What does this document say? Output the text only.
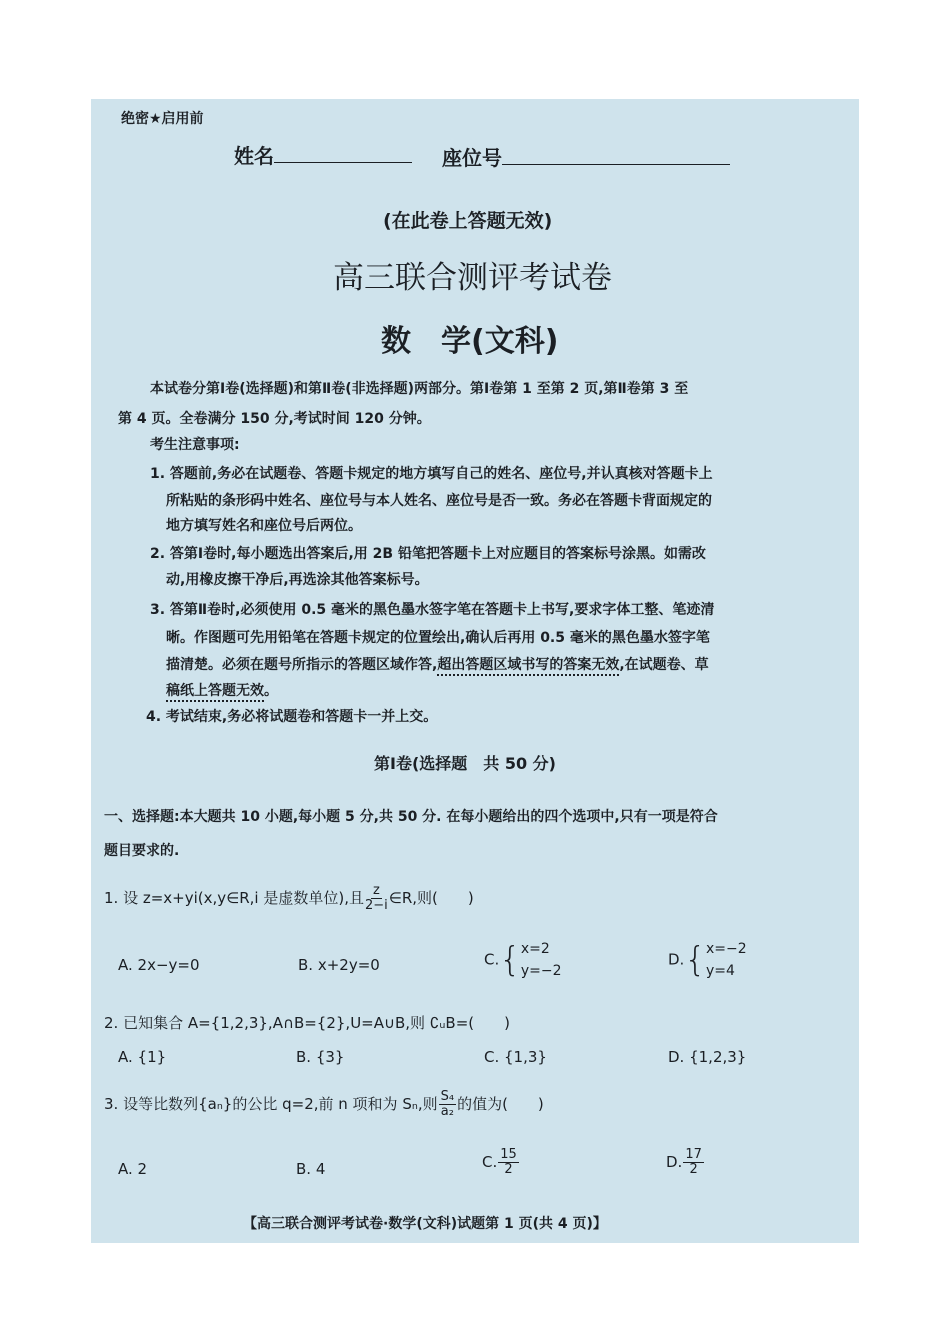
绝密★启用前
姓名	座位号
(在此卷上答题无效)
高三联合测评考试卷
数　学(文科)
本试卷分第Ⅰ卷(选择题)和第Ⅱ卷(非选择题)两部分。第Ⅰ卷第 1 至第 2 页,第Ⅱ卷第 3 至
第 4 页。全卷满分 150 分,考试时间 120 分钟。
考生注意事项:
1. 答题前,务必在试题卷、答题卡规定的地方填写自己的姓名、座位号,并认真核对答题卡上
所粘贴的条形码中姓名、座位号与本人姓名、座位号是否一致。务必在答题卡背面规定的
地方填写姓名和座位号后两位。
2. 答第Ⅰ卷时,每小题选出答案后,用 2B 铅笔把答题卡上对应题目的答案标号涂黑。如需改
动,用橡皮擦干净后,再选涂其他答案标号。
3. 答第Ⅱ卷时,必须使用 0.5 毫米的黑色墨水签字笔在答题卡上书写,要求字体工整、笔迹清
晰。作图题可先用铅笔在答题卡规定的位置绘出,确认后再用 0.5 毫米的黑色墨水签字笔
描清楚。必须在题号所指示的答题区域作答,超出答题区域书写的答案无效,在试题卷、草
稿纸上答题无效。
4. 考试结束,务必将试题卷和答题卡一并上交。
第Ⅰ卷(选择题　共 50 分)
一、选择题:本大题共 10 小题,每小题 5 分,共 50 分. 在每小题给出的四个选项中,只有一项是符合
题目要求的.
1. 设 z=x+yi(x,y∈R,i 是虚数单位),且 $\frac{z}{2-i}$ ∈R,则(　　)
A. 2x−y=0	B. x+2y=0	C.{ x=2
y=−2
D.{ x=−2
y=4
2. 已知集合 A={1,2,3},A∩B={2},U=A∪B,则 ∁ᵤB=(　　)
A. {1}	B. {3}	C. {1,3}	D. {1,2,3}
3. 设等比数列{aₙ}的公比 q=2,前 n 项和为 Sₙ,则 $\frac{\text{S₄}}{\text{a₂}}$ 的值为(　　)
A. 2	B. 4	C. $\frac{15}{2}$	D. $\frac{17}{2}$
【高三联合测评考试卷·数学(文科)试题第 1 页(共 4 页)】
